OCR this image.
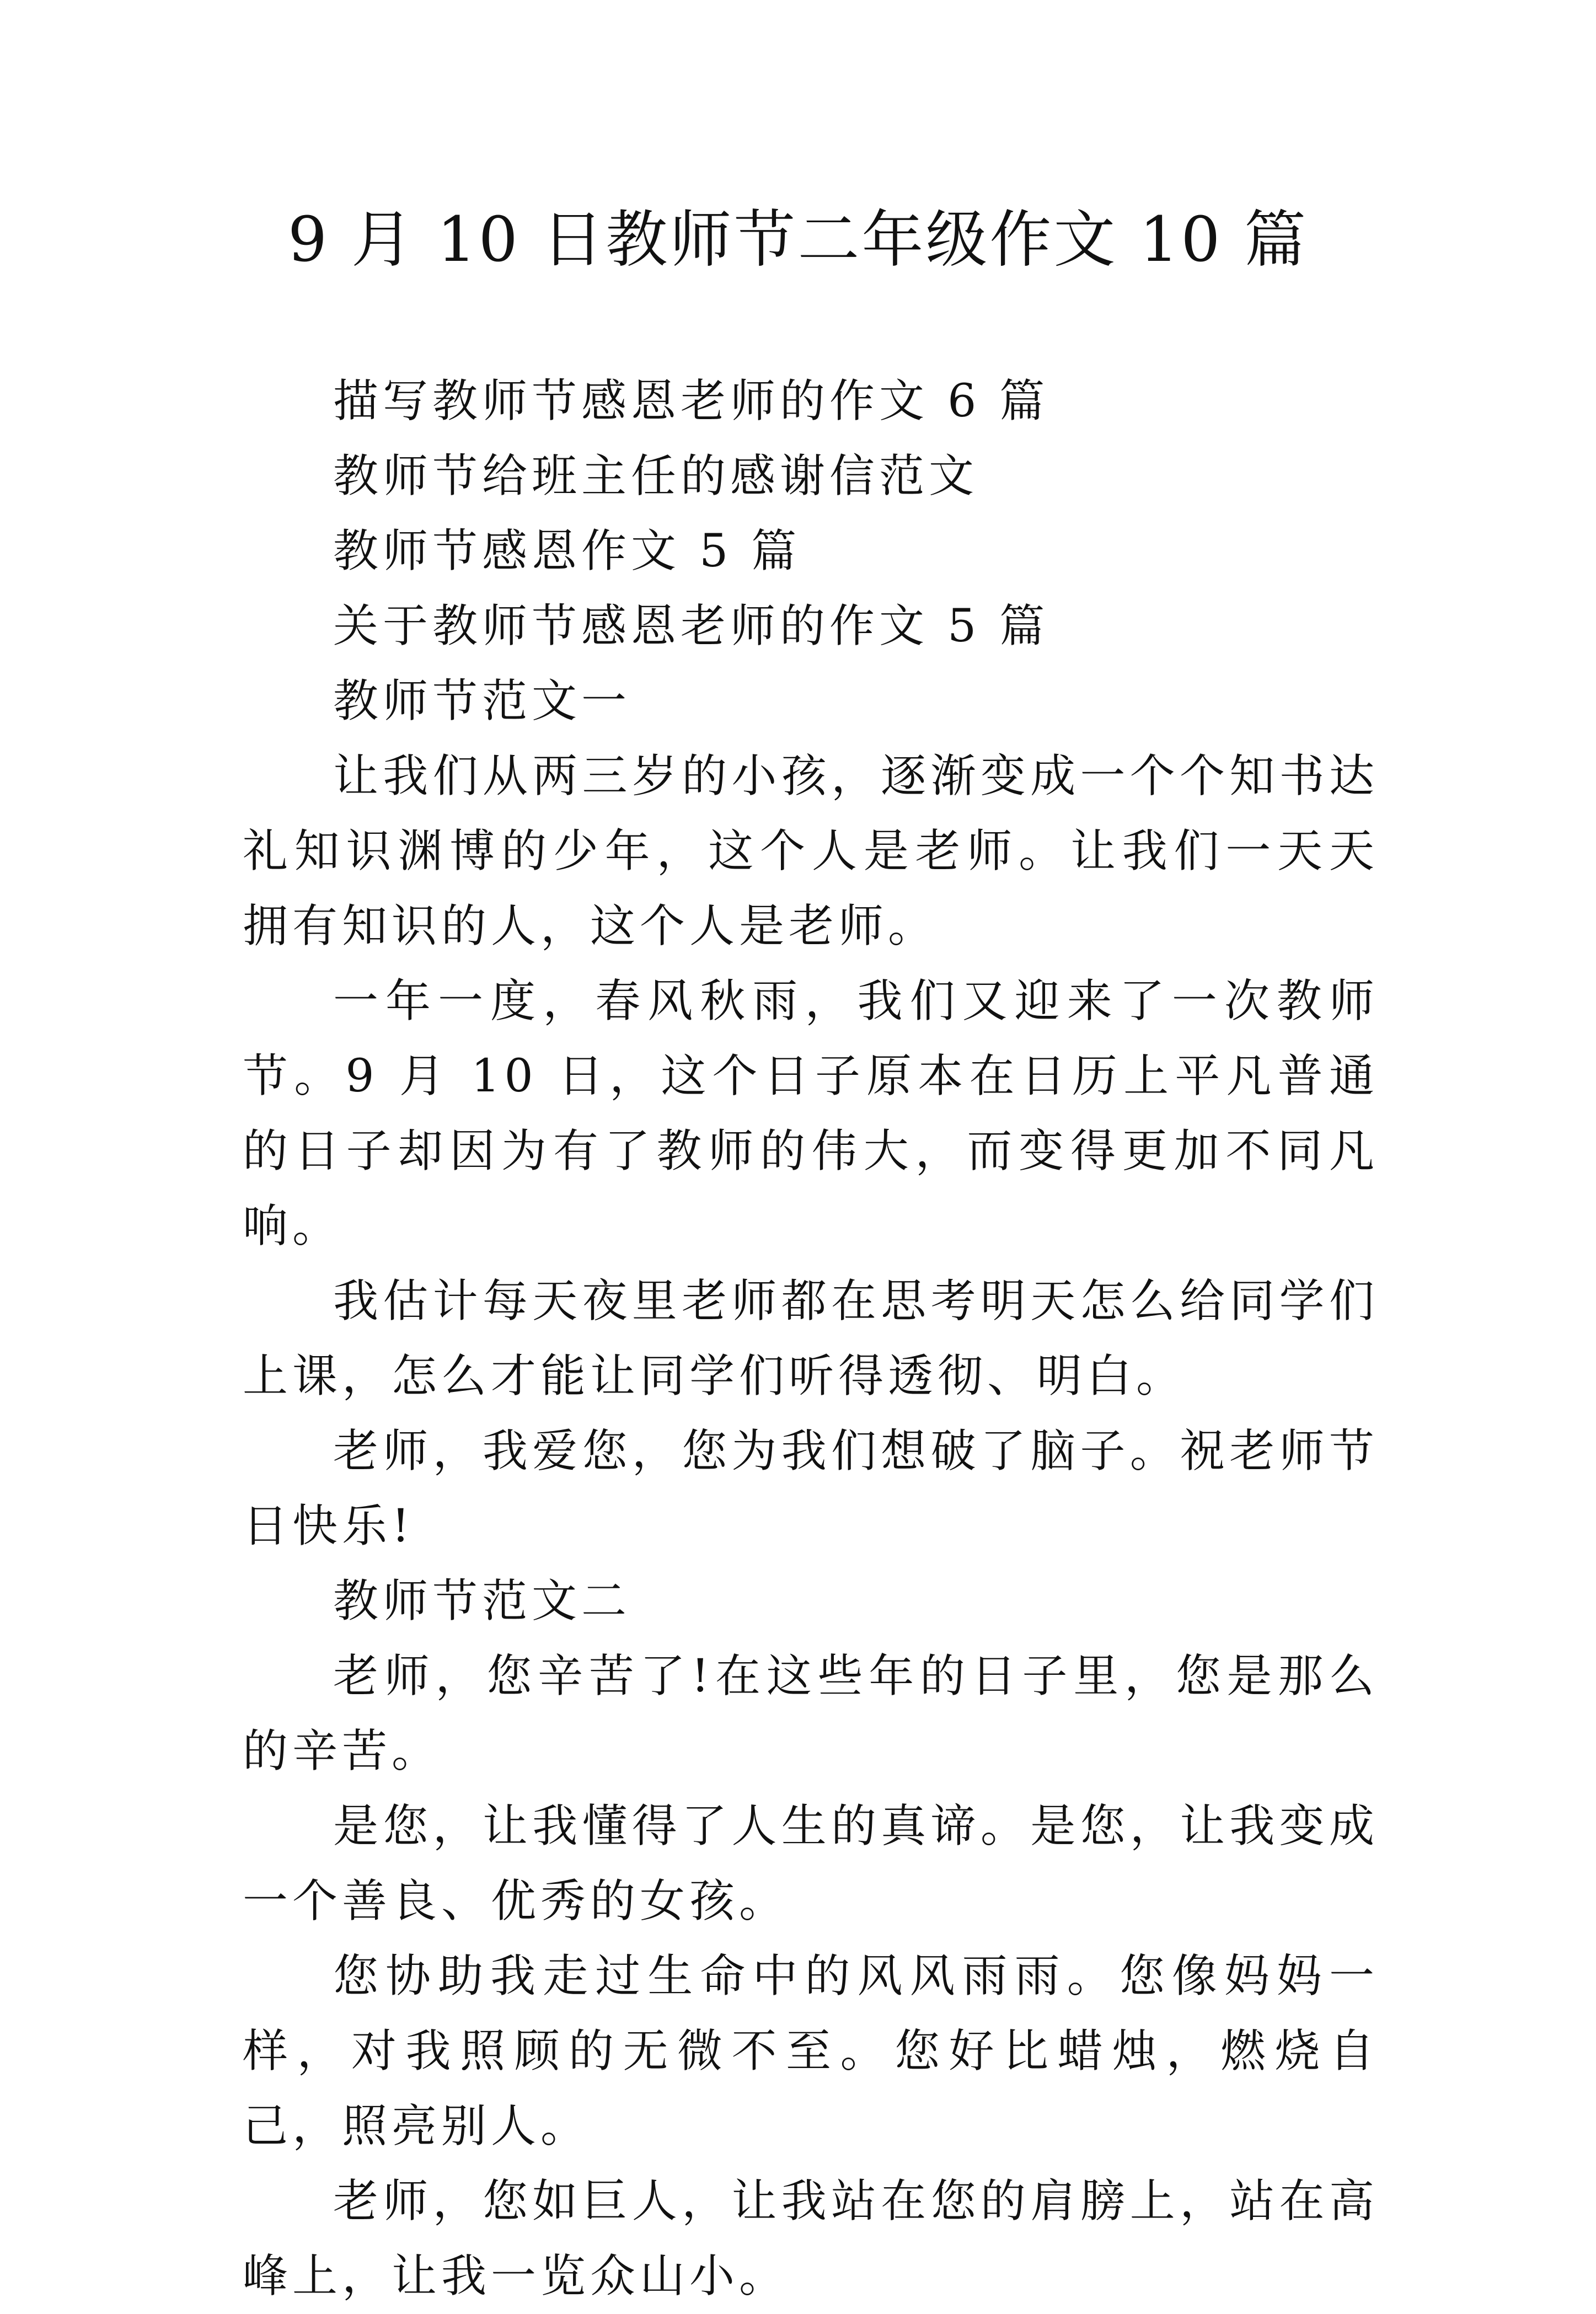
9 月 10 日教师节二年级作文 10 篇

描写教师节感恩老师的作文 6 篇

教师节给班主任的感谢信范文

教师节感恩作文 5 篇

关于教师节感恩老师的作文 5 篇

教师节范文一

让我们从两三岁的小孩，逐渐变成一个个知书达礼知识渊博的少年，这个人是老师。让我们一天天拥有知识的人，这个人是老师。

一年一度，春风秋雨，我们又迎来了一次教师节。9 月 10 日，这个日子原本在日历上平凡普通的日子却因为有了教师的伟大，而变得更加不同凡响。

我估计每天夜里老师都在思考明天怎么给同学们上课，怎么才能让同学们听得透彻、明白。

老师，我爱您，您为我们想破了脑子。祝老师节日快乐!

教师节范文二

老师，您辛苦了!在这些年的日子里，您是那么的辛苦。

是您，让我懂得了人生的真谛。是您，让我变成一个善良、优秀的女孩。

您协助我走过生命中的风风雨雨。您像妈妈一样，对我照顾的无微不至。您好比蜡烛，燃烧自己，照亮别人。

老师，您如巨人，让我站在您的肩膀上，站在高峰上，让我一览众山小。
